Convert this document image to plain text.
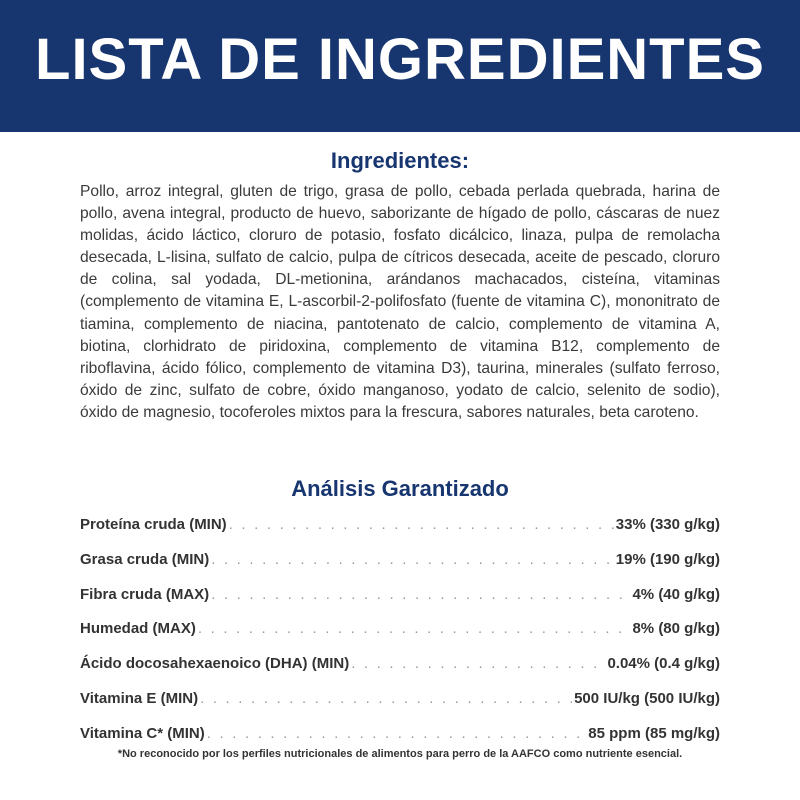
LISTA DE INGREDIENTES
Ingredientes:

Pollo, arroz integral, gluten de trigo, grasa de pollo, cebada perlada quebrada, harina de pollo, avena integral, producto de huevo, saborizante de hígado de pollo, cáscaras de nuez molidas, ácido láctico, cloruro de potasio, fosfato dicálcico, linaza, pulpa de remolacha desecada, L-lisina, sulfato de calcio, pulpa de cítricos desecada, aceite de pescado, cloruro de colina, sal yodada, DL-metionina, arándanos machacados, cisteína, vitaminas (complemento de vitamina E, L-ascorbil-2-polifosfato (fuente de vitamina C), mononitrato de tiamina, complemento de niacina, pantotenato de calcio, complemento de vitamina A, biotina, clorhidrato de piridoxina, complemento de vitamina B12, complemento de riboflavina, ácido fólico, complemento de vitamina D3), taurina, minerales (sulfato ferroso, óxido de zinc, sulfato de cobre, óxido manganoso, yodato de calcio, selenito de sodio), óxido de magnesio, tocoferoles mixtos para la frescura, sabores naturales, beta caroteno.

Análisis Garantizado
Proteína cruda (MIN) . . .	33% (330 g/kg)
Grasa cruda (MIN) . . .	19% (190 g/kg)
Fibra cruda (MAX) . . .	4% (40 g/kg)
Humedad (MAX) . . .	8% (80 g/kg)
Ácido docosahexaenoico (DHA) (MIN) . . .	0.04% (0.4 g/kg)
Vitamina E (MIN) . . .	500 IU/kg (500 IU/kg)
Vitamina C* (MIN) . . .	85 ppm (85 mg/kg)
*No reconocido por los perfiles nutricionales de alimentos para perro de la AAFCO como nutriente esencial.
